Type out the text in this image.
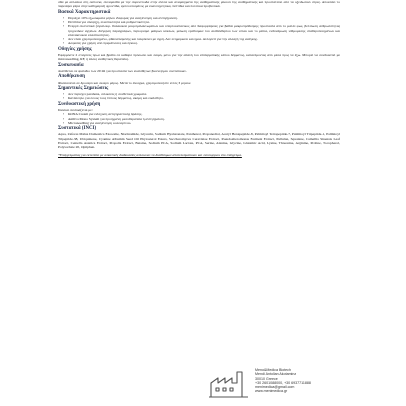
σθα με αλλαλυα στη σαπονια, συναμεσθα με την συρειστοιδα στην αντσα και αναμειγματα της αισθηματικής μύουσι της αισθηματικής και προστατεύει από τα οξειδωτικό στρες. Αποκτάει το παρειάρει φέρα στην καθημερινή φροντίδα, εμπλουτισμένος με ευανσυχνητικα, πεπτίδια και πολιτικα προβιοτικά.

Βασικά Χαρακτηριστικά
• Περιέχει 10% εξωσώματα μήλου Ζαφορας για αναγέννηση και ανπιγήρανση.
• Πεπτίδια για σύσφιξη, ελαστικότητα και ρυθμιστικότητα.
• Ενεργά συστατικά (υγιαλουρ. θυλακικού μικρογαλακτωμάτων και υπερτοκεπανικος από Σαφορφάρειες για βαθιά μακροπρόθεσμης προστασία από το μαλλί φως. βελτίωση ανθρωπότητας τριχοειδών αγγείων. διέγερση παραγράφων, περιορισμό μαύρων κύκλων, μείωση ερεθισμών του αισθανθερίου των ιστών και το μάτια, ενδυνάμωση ισθμομεσης σταθεροποιημένων και επανακινικού ελαστικότητας.
• Δεν είναι χρησιμοποιημένο, φθαλαπισμένης και τακρίκινει με υγρή. Δεν ενημερώνει και ημια. Αλληλετί για την αλλαγή της ανάγκης.
• Ασφαλές για χρήση από πρεμάτισσες και έγκυες.
Οδηγίες χρήσης

Εφαρμόστε 2 σταγόνες πρωί και βράδυ σε καθαρό πρόσωπο και λαιμό, μόνο για την απαλή του επιδερμιδικής κάτου δέρματος, κατανέμοντας από μέσα προς τα έξω. Μπορεί να συνδυαστεί με microneedling, RF, ή άλλες αισθητικές θεραπείες.

Συσκευασία

Διατίθεται σε φιαλίδιο των 20 ml για προστασία των ευαίσθητων βιοενεργών συστατικών.

Αποθήκευση

Φυλάσσεται σε δροσερό και σκιερό μέρος. Μετά το άνοιγμα, χρησιμοποιήστε εντός 3 μηνών.

Σημαντικές Σημειώσεις
• Δεν περιέχει parabens, σιλικόνες ή συνθετικά χρώματα.
• Κατάλληλο για όλους τους τύπους δέρματος, ακόμη και ευαίσθητο.
Συνδυαστική χρήση

Ιδανικά συνδυάζεται με:

• ΚΟΝΑ Cream για ενίσχυση αντιγηραντικής δράσης.
• Aniliva Mono System για προηγμένη μεσοθεραπεία ή αντιγήρανση.
• Microneedling για αναγέννηση κολλαγόνου.
Συστατικά (INCI)

Aqua, Zaforas Malus Domestica Exosome, Niacinamide, Glycerin, Sodium Hyaluronate, Panthenol, Propanediol, Acetyl Hexapeptide-8, Palmitoyl Tetrapeptide-7, Palmitoyl Tripeptide-1, Palmitoyl Tripeptide-38, Ubiquinone, Cyanine Albumin Seed Oil Phytosterol Esters, Saccharomyces Cerevisiae Extract, Pseudoalteromonas Ferment Extract, Pullulan, Squalane, Camellia Sinensis Leaf Extract, Centella Asiatica Extract, Propolis Extract, Betaine, Sodium PCA, Sodium Lactate, PCA, Serine, Alanine, Glycine, Glutamic Acid, Lysine, Threonine, Arginine, Proline, Tocopherol, Polysorbate 20, Optiphen.

*Επαγγελματίας για εκτελέσει με αλκαλικές διαδικασίες αλλοιώνει τα διαθέσιμων αποτελεσματικών και λειτουργιών στο επάγγελμα.

Meno&Medica Biotech
Mendi Antolian Akotaminz
30010 Greece
+30 2601088000, +30 6937711888
menimedica@gmail.com
www.menimedica.gr
